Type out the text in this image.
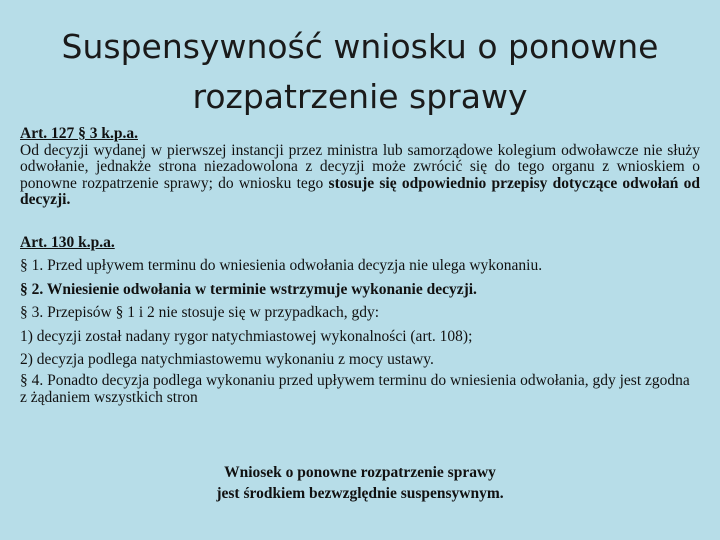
Suspensywność wniosku o ponowne rozpatrzenie sprawy

Art. 127 § 3 k.p.a.

Od decyzji wydanej w pierwszej instancji przez ministra lub samorządowe kolegium odwoławcze nie służy odwołanie, jednakże strona niezadowolona z decyzji może zwrócić się do tego organu z wnioskiem o ponowne rozpatrzenie sprawy; do wniosku tego stosuje się odpowiednio przepisy dotyczące odwołań od decyzji.

Art. 130 k.p.a.

§ 1. Przed upływem terminu do wniesienia odwołania decyzja nie ulega wykonaniu.

§ 2. Wniesienie odwołania w terminie wstrzymuje wykonanie decyzji.

§ 3. Przepisów § 1 i 2 nie stosuje się w przypadkach, gdy:

1) decyzji został nadany rygor natychmiastowej wykonalności (art. 108);

2) decyzja podlega natychmiastowemu wykonaniu z mocy ustawy.

§ 4. Ponadto decyzja podlega wykonaniu przed upływem terminu do wniesienia odwołania, gdy jest zgodna z żądaniem wszystkich stron

Wniosek o ponowne rozpatrzenie sprawy

jest środkiem bezwzględnie suspensywnym.
